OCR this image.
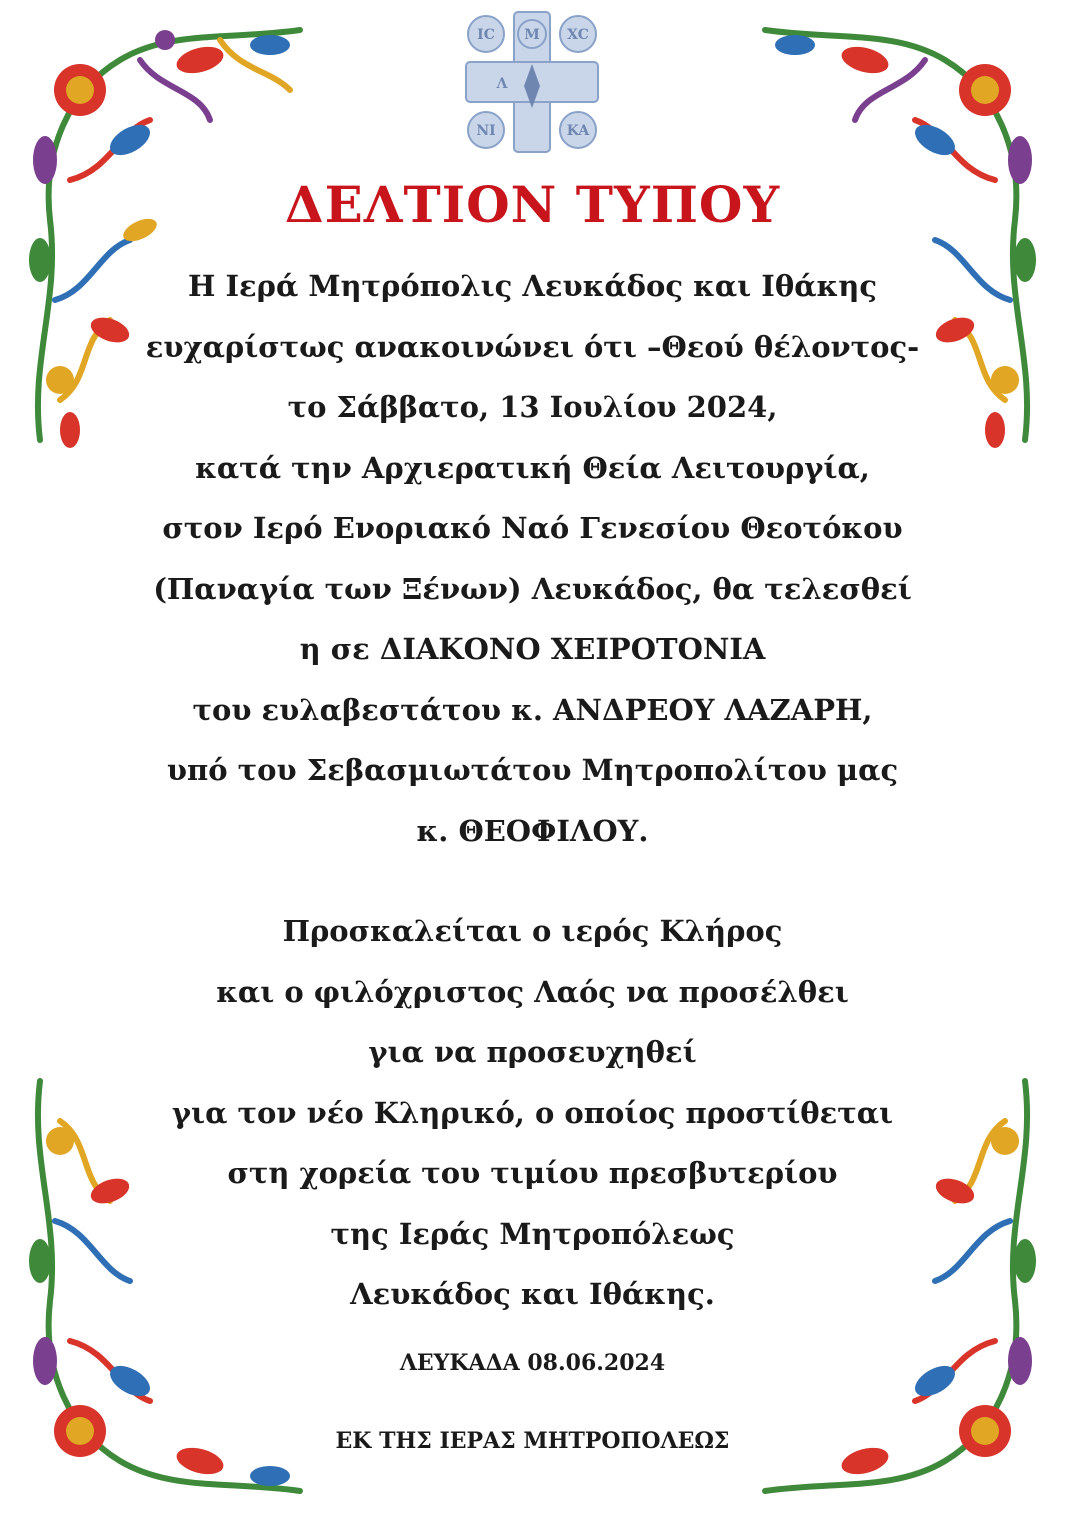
IC	XC
NI	KA
M
Λ
ΔΕΛΤΙΟΝ ΤΥΠΟΥ
Η Ιερά Μητρόπολις Λευκάδος και Ιθάκης
ευχαρίστως ανακοινώνει ότι –Θεού θέλοντος-
το Σάββατο, 13 Ιουλίου 2024,
κατά την Αρχιερατική Θεία Λειτουργία,
στον Ιερό Ενοριακό Ναό Γενεσίου Θεοτόκου
(Παναγία των Ξένων) Λευκάδος, θα τελεσθεί
η σε ΔΙΑΚΟΝΟ ΧΕΙΡΟΤΟΝΙΑ
του ευλαβεστάτου κ. ΑΝΔΡΕΟΥ ΛΑΖΑΡΗ,
υπό του Σεβασμιωτάτου Μητροπολίτου μας
κ. ΘΕΟΦΙΛΟΥ.
Προσκαλείται ο ιερός Κλήρος
και ο φιλόχριστος Λαός να προσέλθει
για να προσευχηθεί
για τον νέο Κληρικό, ο οποίος προστίθεται
στη χορεία του τιμίου πρεσβυτερίου
της Ιεράς Μητροπόλεως
Λευκάδος και Ιθάκης.
ΛΕΥΚΑΔΑ 08.06.2024
ΕΚ ΤΗΣ ΙΕΡΑΣ ΜΗΤΡΟΠΟΛΕΩΣ
